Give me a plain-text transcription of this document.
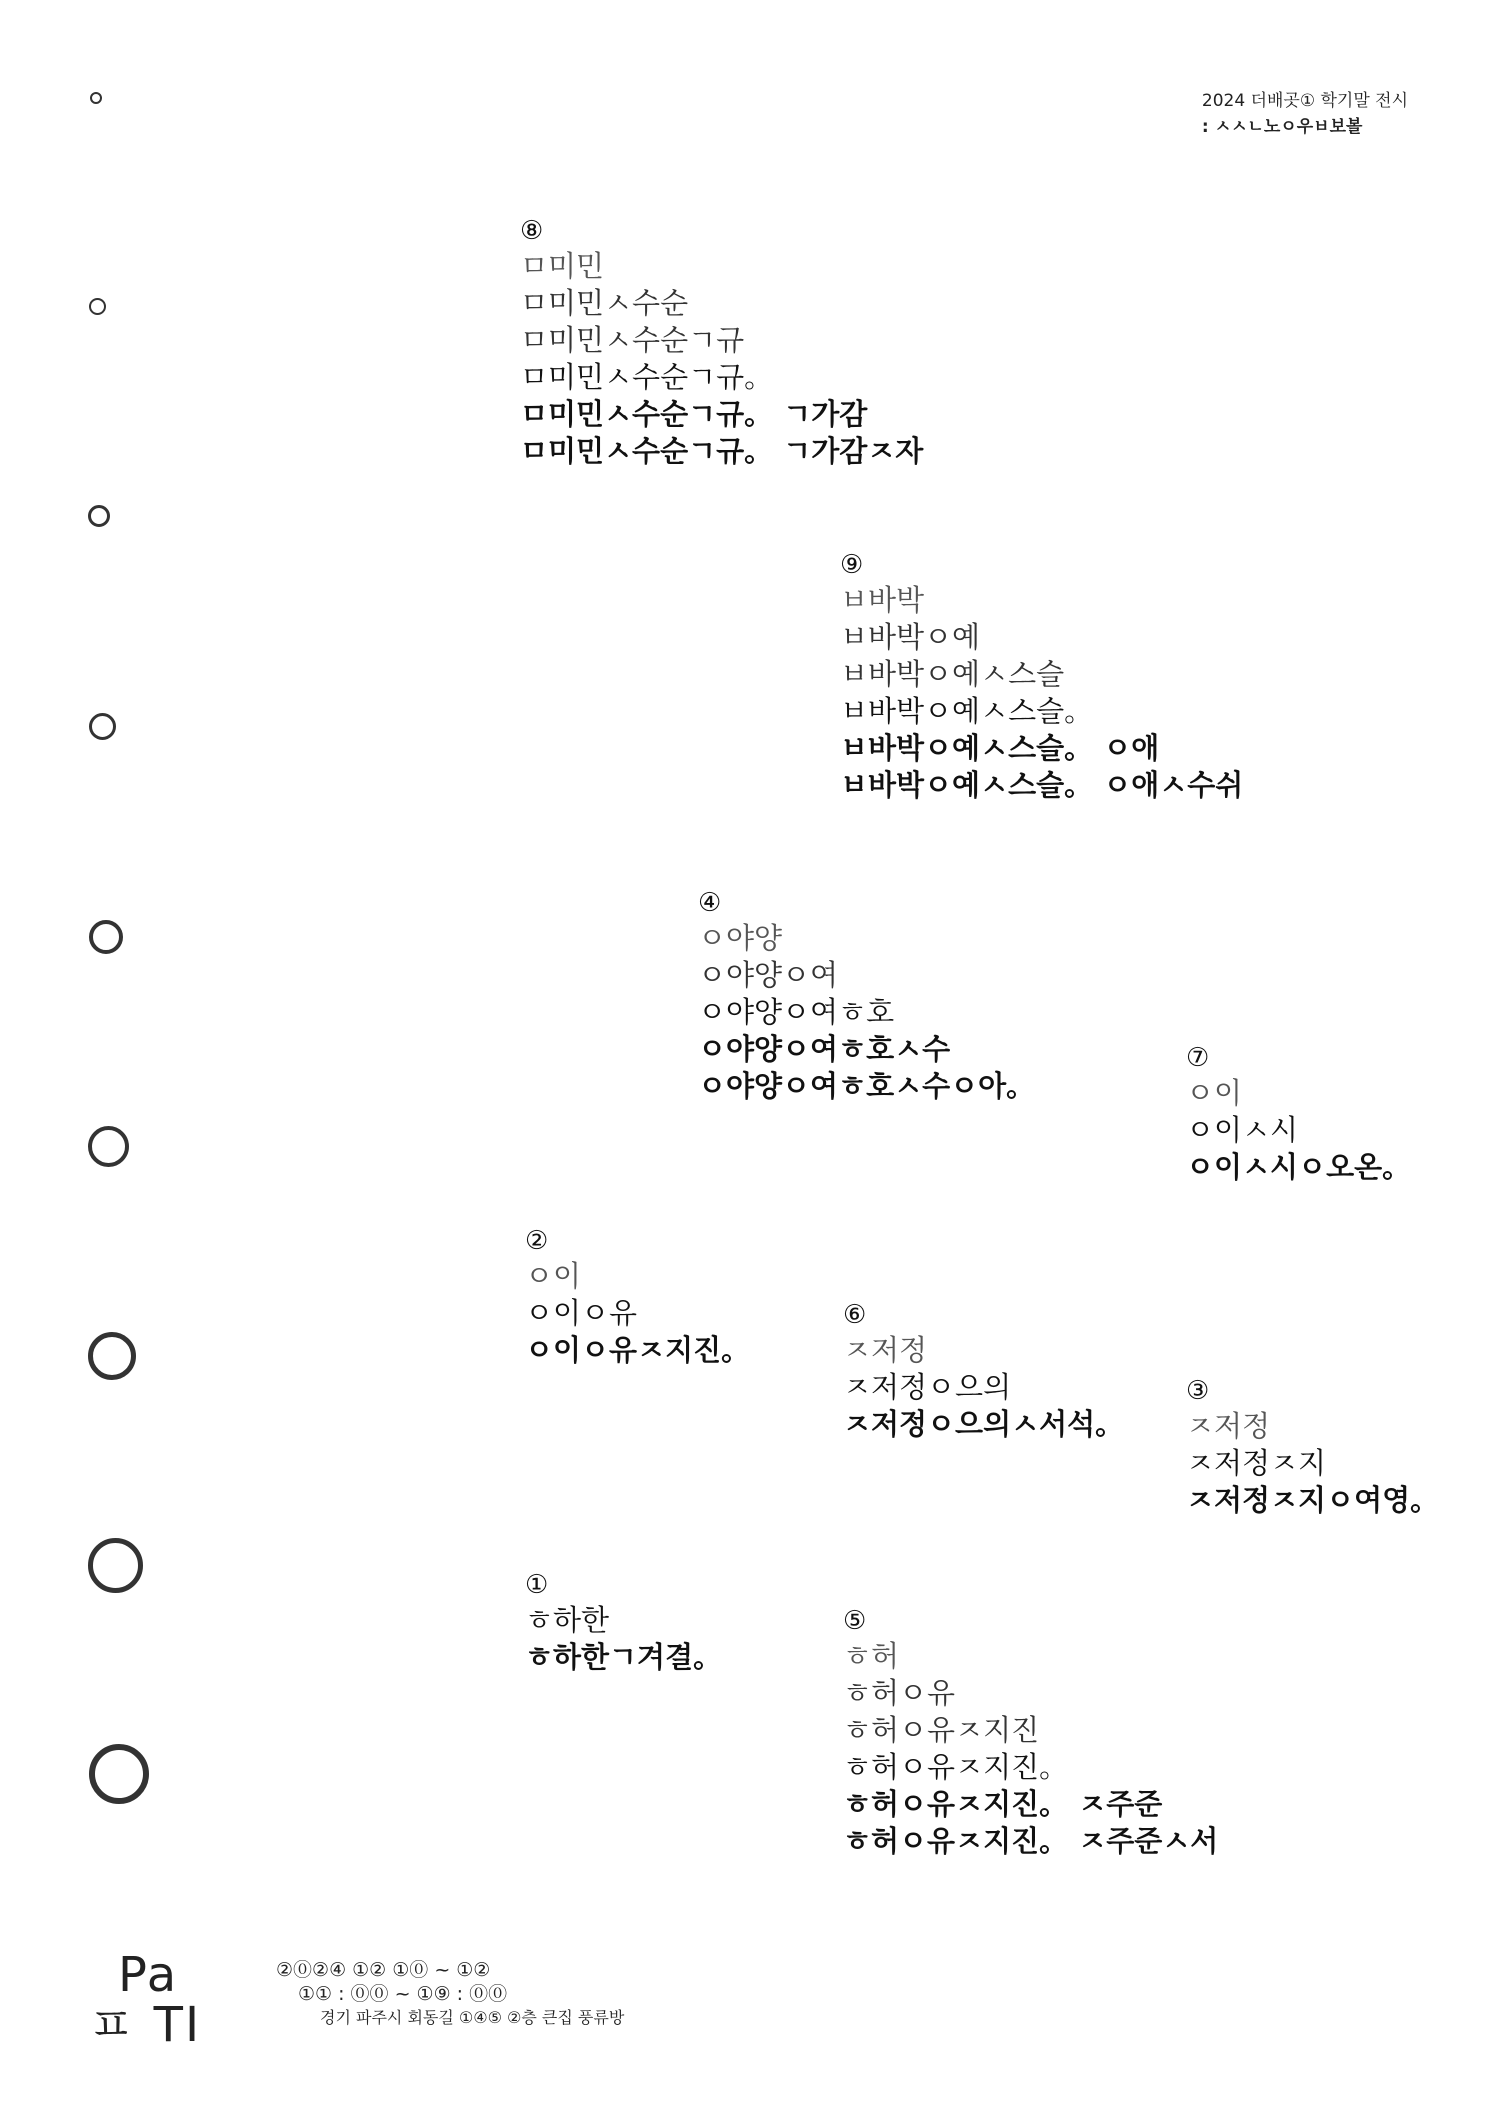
2024 더배곳① 학기말 전시
: ㅅㅅㄴ노ㅇ우ㅂ보볼
⑧
ㅁ미민
ㅁ미민ㅅ수순
ㅁ미민ㅅ수순ㄱ규
ㅁ미민ㅅ수순ㄱ규。
ㅁ미민ㅅ수순ㄱ규。 ㄱ가감
ㅁ미민ㅅ수순ㄱ규。 ㄱ가감ㅈ자
⑨
ㅂ바박
ㅂ바박ㅇ예
ㅂ바박ㅇ예ㅅ스슬
ㅂ바박ㅇ예ㅅ스슬。
ㅂ바박ㅇ예ㅅ스슬。 ㅇ애
ㅂ바박ㅇ예ㅅ스슬。 ㅇ애ㅅ수쉬
④
ㅇ야양
ㅇ야양ㅇ여
ㅇ야양ㅇ여ㅎ호
ㅇ야양ㅇ여ㅎ호ㅅ수
ㅇ야양ㅇ여ㅎ호ㅅ수ㅇ아。
⑦
ㅇ이
ㅇ이ㅅ시
ㅇ이ㅅ시ㅇ오온。
②
ㅇ이
ㅇ이ㅇ유
ㅇ이ㅇ유ㅈ지진。
⑥
ㅈ저정
ㅈ저정ㅇ으의
ㅈ저정ㅇ으의ㅅ서석。
③
ㅈ저정
ㅈ저정ㅈ지
ㅈ저정ㅈ지ㅇ여영。
①
ㅎ하한
ㅎ하한ㄱ겨결。
⑤
ㅎ허
ㅎ허ㅇ유
ㅎ허ㅇ유ㅈ지진
ㅎ허ㅇ유ㅈ지진。
ㅎ허ㅇ유ㅈ지진。 ㅈ주준
ㅎ허ㅇ유ㅈ지진。 ㅈ주준ㅅ서
Pa
ㅍ TI
②⓪②④ ①② ①⓪ ~ ①②
①① : ⓪⓪ ~ ①⑨ : ⓪⓪
경기 파주시 회동길 ①④⑤ ②층 큰집 풍류방
